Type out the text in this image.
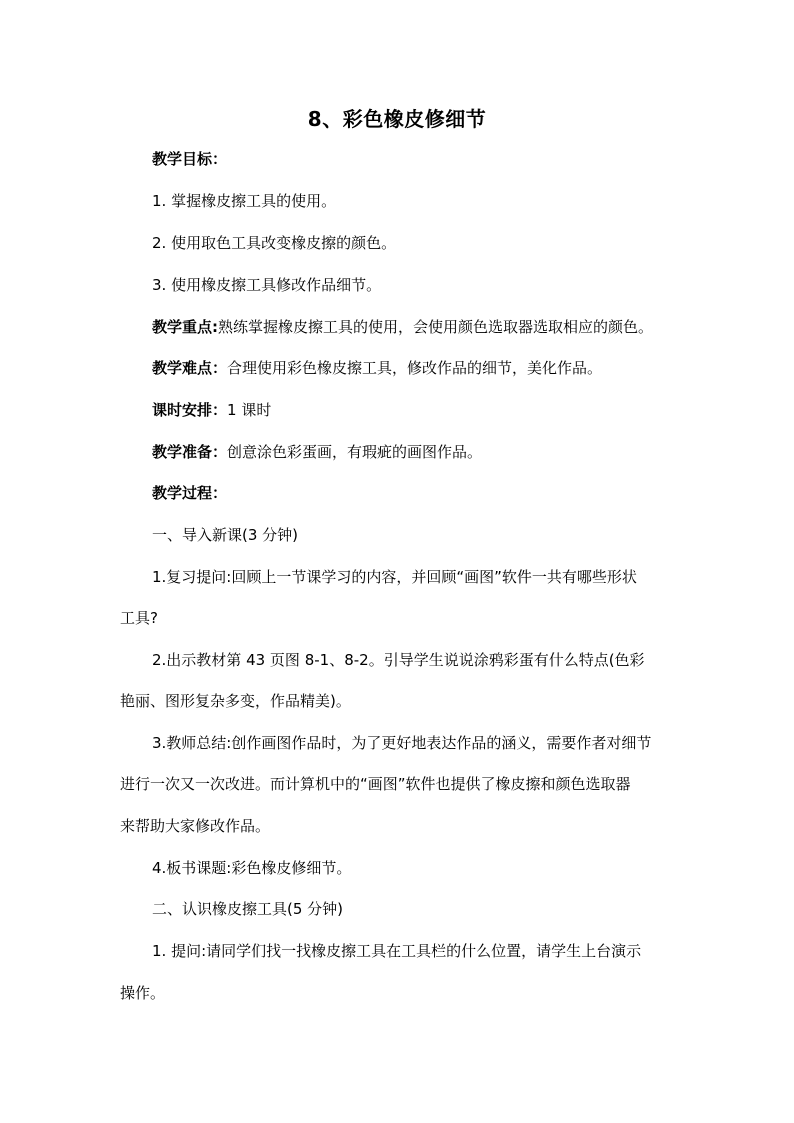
8、彩色橡皮修细节
教学目标：
1. 掌握橡皮擦工具的使用。
2. 使用取色工具改变橡皮擦的颜色。
3. 使用橡皮擦工具修改作品细节。
教学重点:熟练掌握橡皮擦工具的使用，会使用颜色选取器选取相应的颜色。
教学难点：合理使用彩色橡皮擦工具，修改作品的细节，美化作品。
课时安排：1 课时
教学准备：创意涂色彩蛋画，有瑕疵的画图作品。
教学过程：
一、导入新课(3 分钟)
1.复习提问:回顾上一节课学习的内容，并回顾“画图”软件一共有哪些形状
工具?
2.出示教材第 43 页图 8-1、8-2。引导学生说说涂鸦彩蛋有什么特点(色彩
艳丽、图形复杂多变，作品精美)。
3.教师总结:创作画图作品时，为了更好地表达作品的涵义，需要作者对细节
进行一次又一次改进。而计算机中的“画图”软件也提供了橡皮擦和颜色选取器
来帮助大家修改作品。
4.板书课题:彩色橡皮修细节。
二、认识橡皮擦工具(5 分钟)
1. 提问:请同学们找一找橡皮擦工具在工具栏的什么位置，请学生上台演示
操作。
